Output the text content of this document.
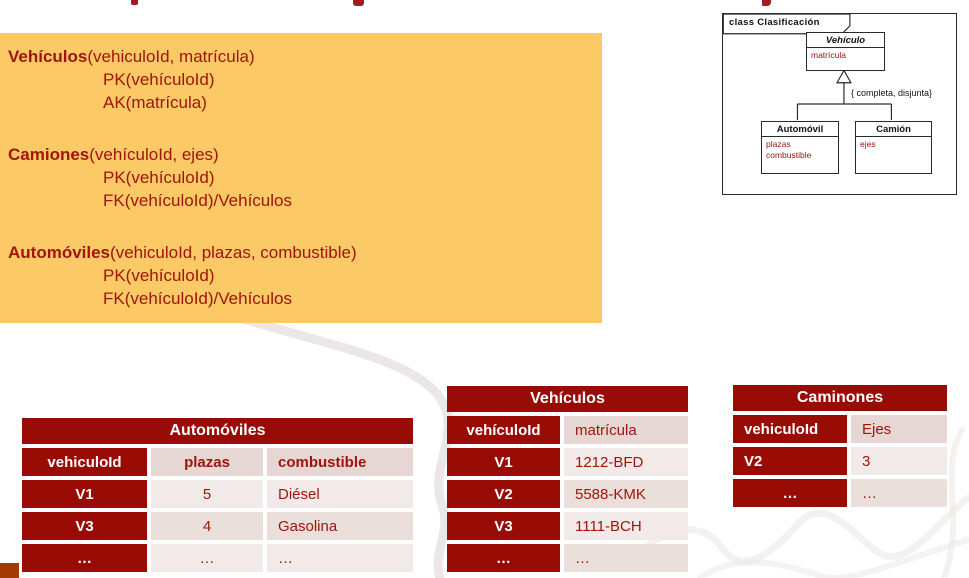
Vehículos(vehiculoId, matrícula)
PK(vehículoId)
AK(matrícula)
Camiones(vehículoId, ejes)
PK(vehículoId)
FK(vehículoId)/Vehículos
Automóviles(vehiculoId, plazas, combustible)
PK(vehículoId)
FK(vehículoId)/Vehículos
class Clasificación
Vehículo
matrícula
{ completa, disjunta}
Automóvil
plazas
combustible
Camión
ejes
Automóviles
vehiculoId	plazas	combustible
V1	5	Diésel
V3	4	Gasolina
…	…	…
Vehículos
vehículoId	matrícula
V1	1212-BFD
V2	5588-KMK
V3	1111-BCH
…	…
Caminones
vehiculoId	Ejes
V2	3
…	…
